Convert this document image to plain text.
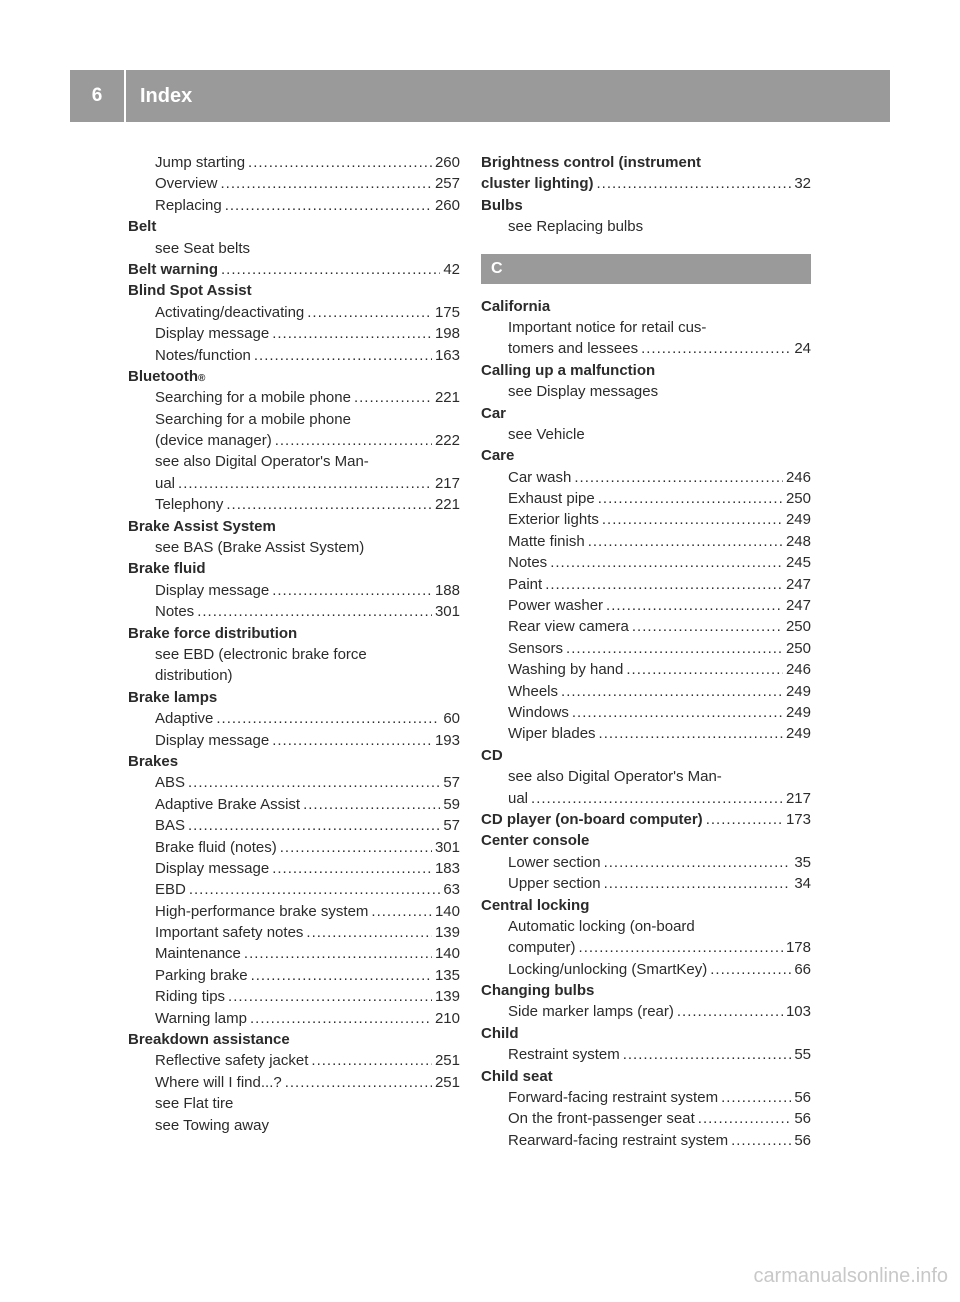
6	Index
Jump starting .....	260
Overview .....	257
Replacing .....	260
Belt
see Seat belts
Belt warning .....	42
Blind Spot Assist
Activating/deactivating .....	175
Display message .....	198
Notes/function .....	163
Bluetooth ®
Searching for a mobile phone .....	221
Searching for a mobile phone
(device manager) .....	222
see also Digital Operator's Man-
ual .....	217
Telephony .....	221
Brake Assist System
see BAS (Brake Assist System)
Brake fluid
Display message .....	188
Notes .....	301
Brake force distribution
see EBD (electronic brake force
distribution)
Brake lamps
Adaptive .....	60
Display message .....	193
Brakes
ABS .....	57
Adaptive Brake Assist .....	59
BAS .....	57
Brake fluid (notes) .....	301
Display message .....	183
EBD .....	63
High-performance brake system .....	140
Important safety notes .....	139
Maintenance .....	140
Parking brake .....	135
Riding tips .....	139
Warning lamp .....	210
Breakdown assistance
Reflective safety jacket .....	251
Where will I find...? .....	251
see Flat tire
see Towing away
Brightness control (instrument
cluster lighting) .....	32
Bulbs
see Replacing bulbs
C
California
Important notice for retail cus-
tomers and lessees .....	24
Calling up a malfunction
see Display messages
Car
see Vehicle
Care
Car wash .....	246
Exhaust pipe .....	250
Exterior lights .....	249
Matte finish .....	248
Notes .....	245
Paint .....	247
Power washer .....	247
Rear view camera .....	250
Sensors .....	250
Washing by hand .....	246
Wheels .....	249
Windows .....	249
Wiper blades .....	249
CD
see also Digital Operator's Man-
ual .....	217
CD player (on-board computer) .....	173
Center console
Lower section .....	35
Upper section .....	34
Central locking
Automatic locking (on-board
computer) .....	178
Locking/unlocking (SmartKey) .....	66
Changing bulbs
Side marker lamps (rear) .....	103
Child
Restraint system .....	55
Child seat
Forward-facing restraint system .....	56
On the front-passenger seat .....	56
Rearward-facing restraint system .....	56
carmanualsonline.info
